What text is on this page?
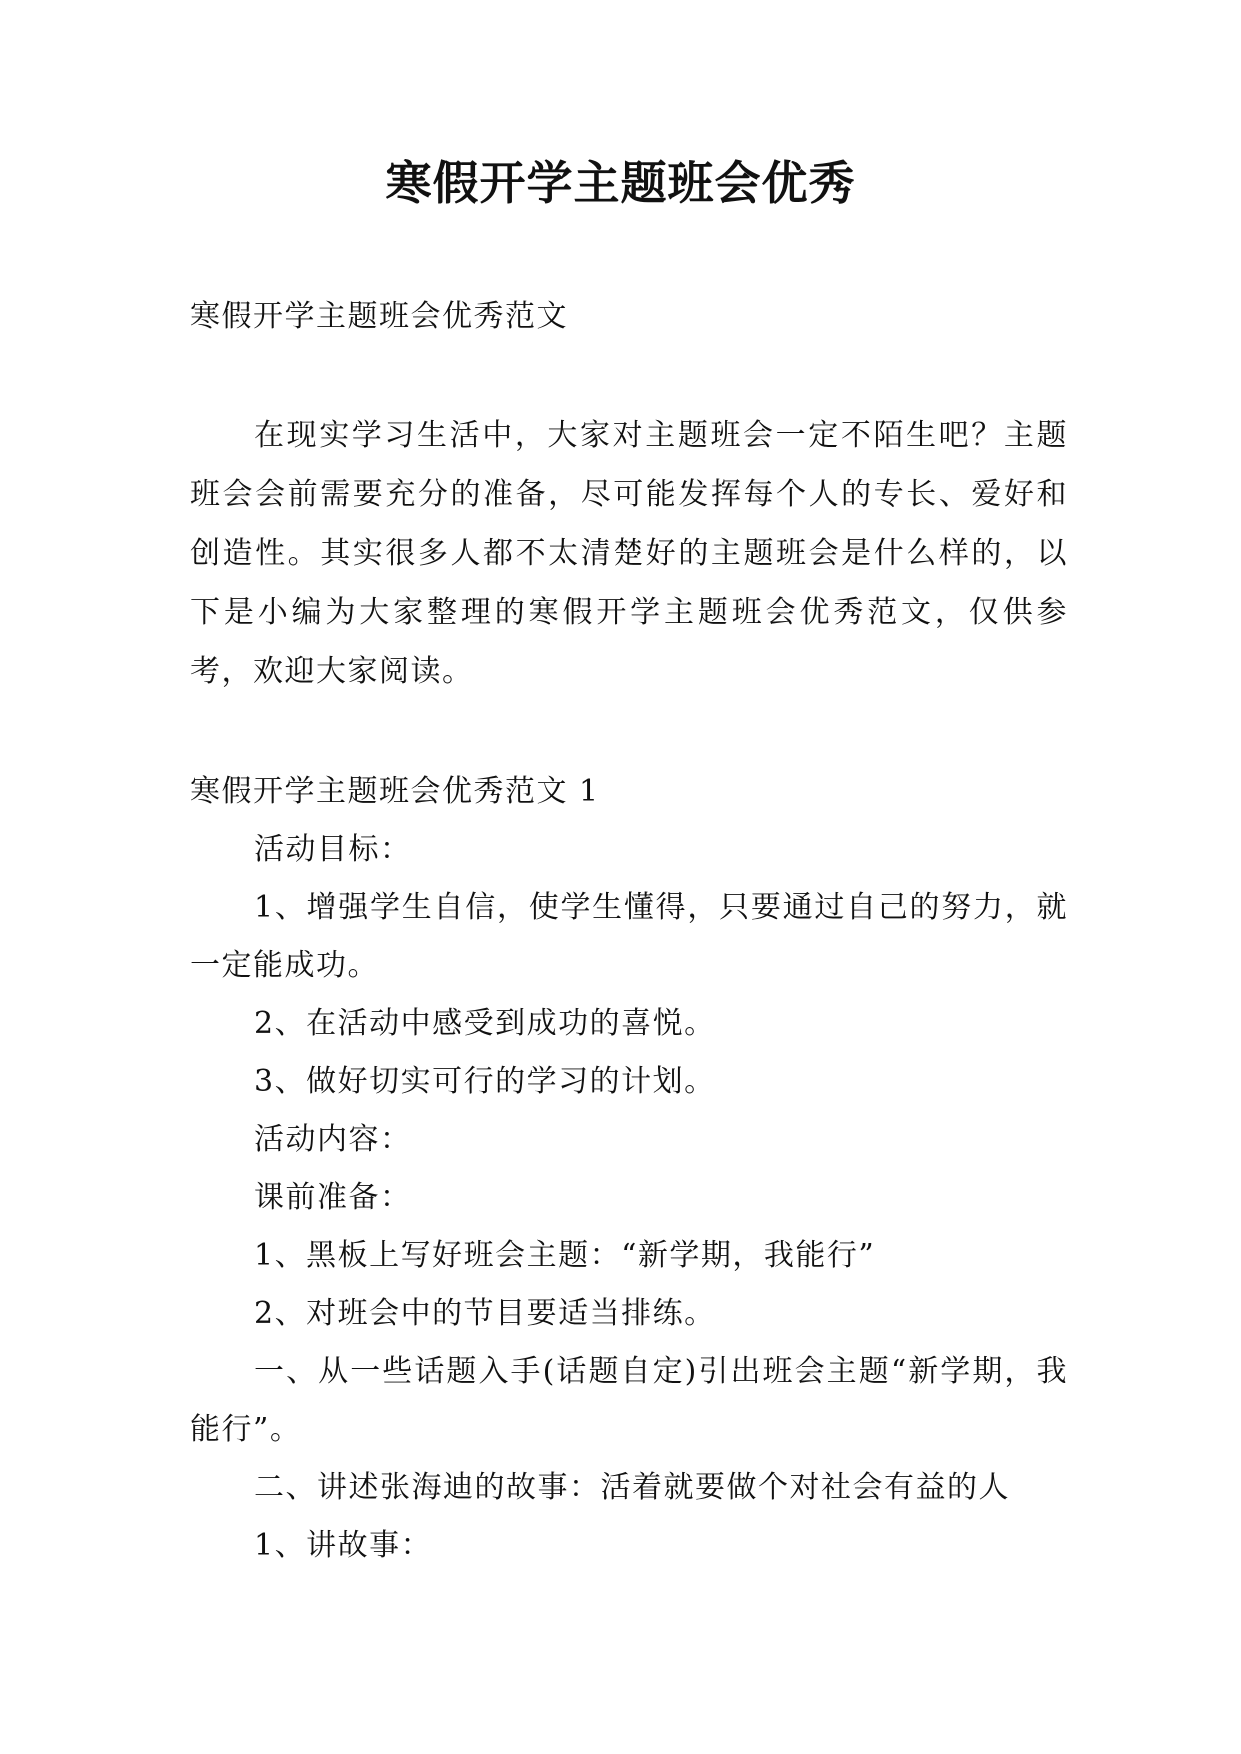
寒假开学主题班会优秀

寒假开学主题班会优秀范文

在现实学习生活中，大家对主题班会一定不陌生吧？主题班会会前需要充分的准备，尽可能发挥每个人的专长、爱好和创造性。其实很多人都不太清楚好的主题班会是什么样的，以下是小编为大家整理的寒假开学主题班会优秀范文，仅供参考，欢迎大家阅读。

寒假开学主题班会优秀范文 1

活动目标：

1、增强学生自信，使学生懂得，只要通过自己的努力，就一定能成功。

2、在活动中感受到成功的喜悦。

3、做好切实可行的学习的计划。

活动内容：

课前准备：

1、黑板上写好班会主题：“新学期，我能行”

2、对班会中的节目要适当排练。

一、从一些话题入手(话题自定)引出班会主题“新学期，我能行”。

二、讲述张海迪的故事：活着就要做个对社会有益的人

1、讲故事：
